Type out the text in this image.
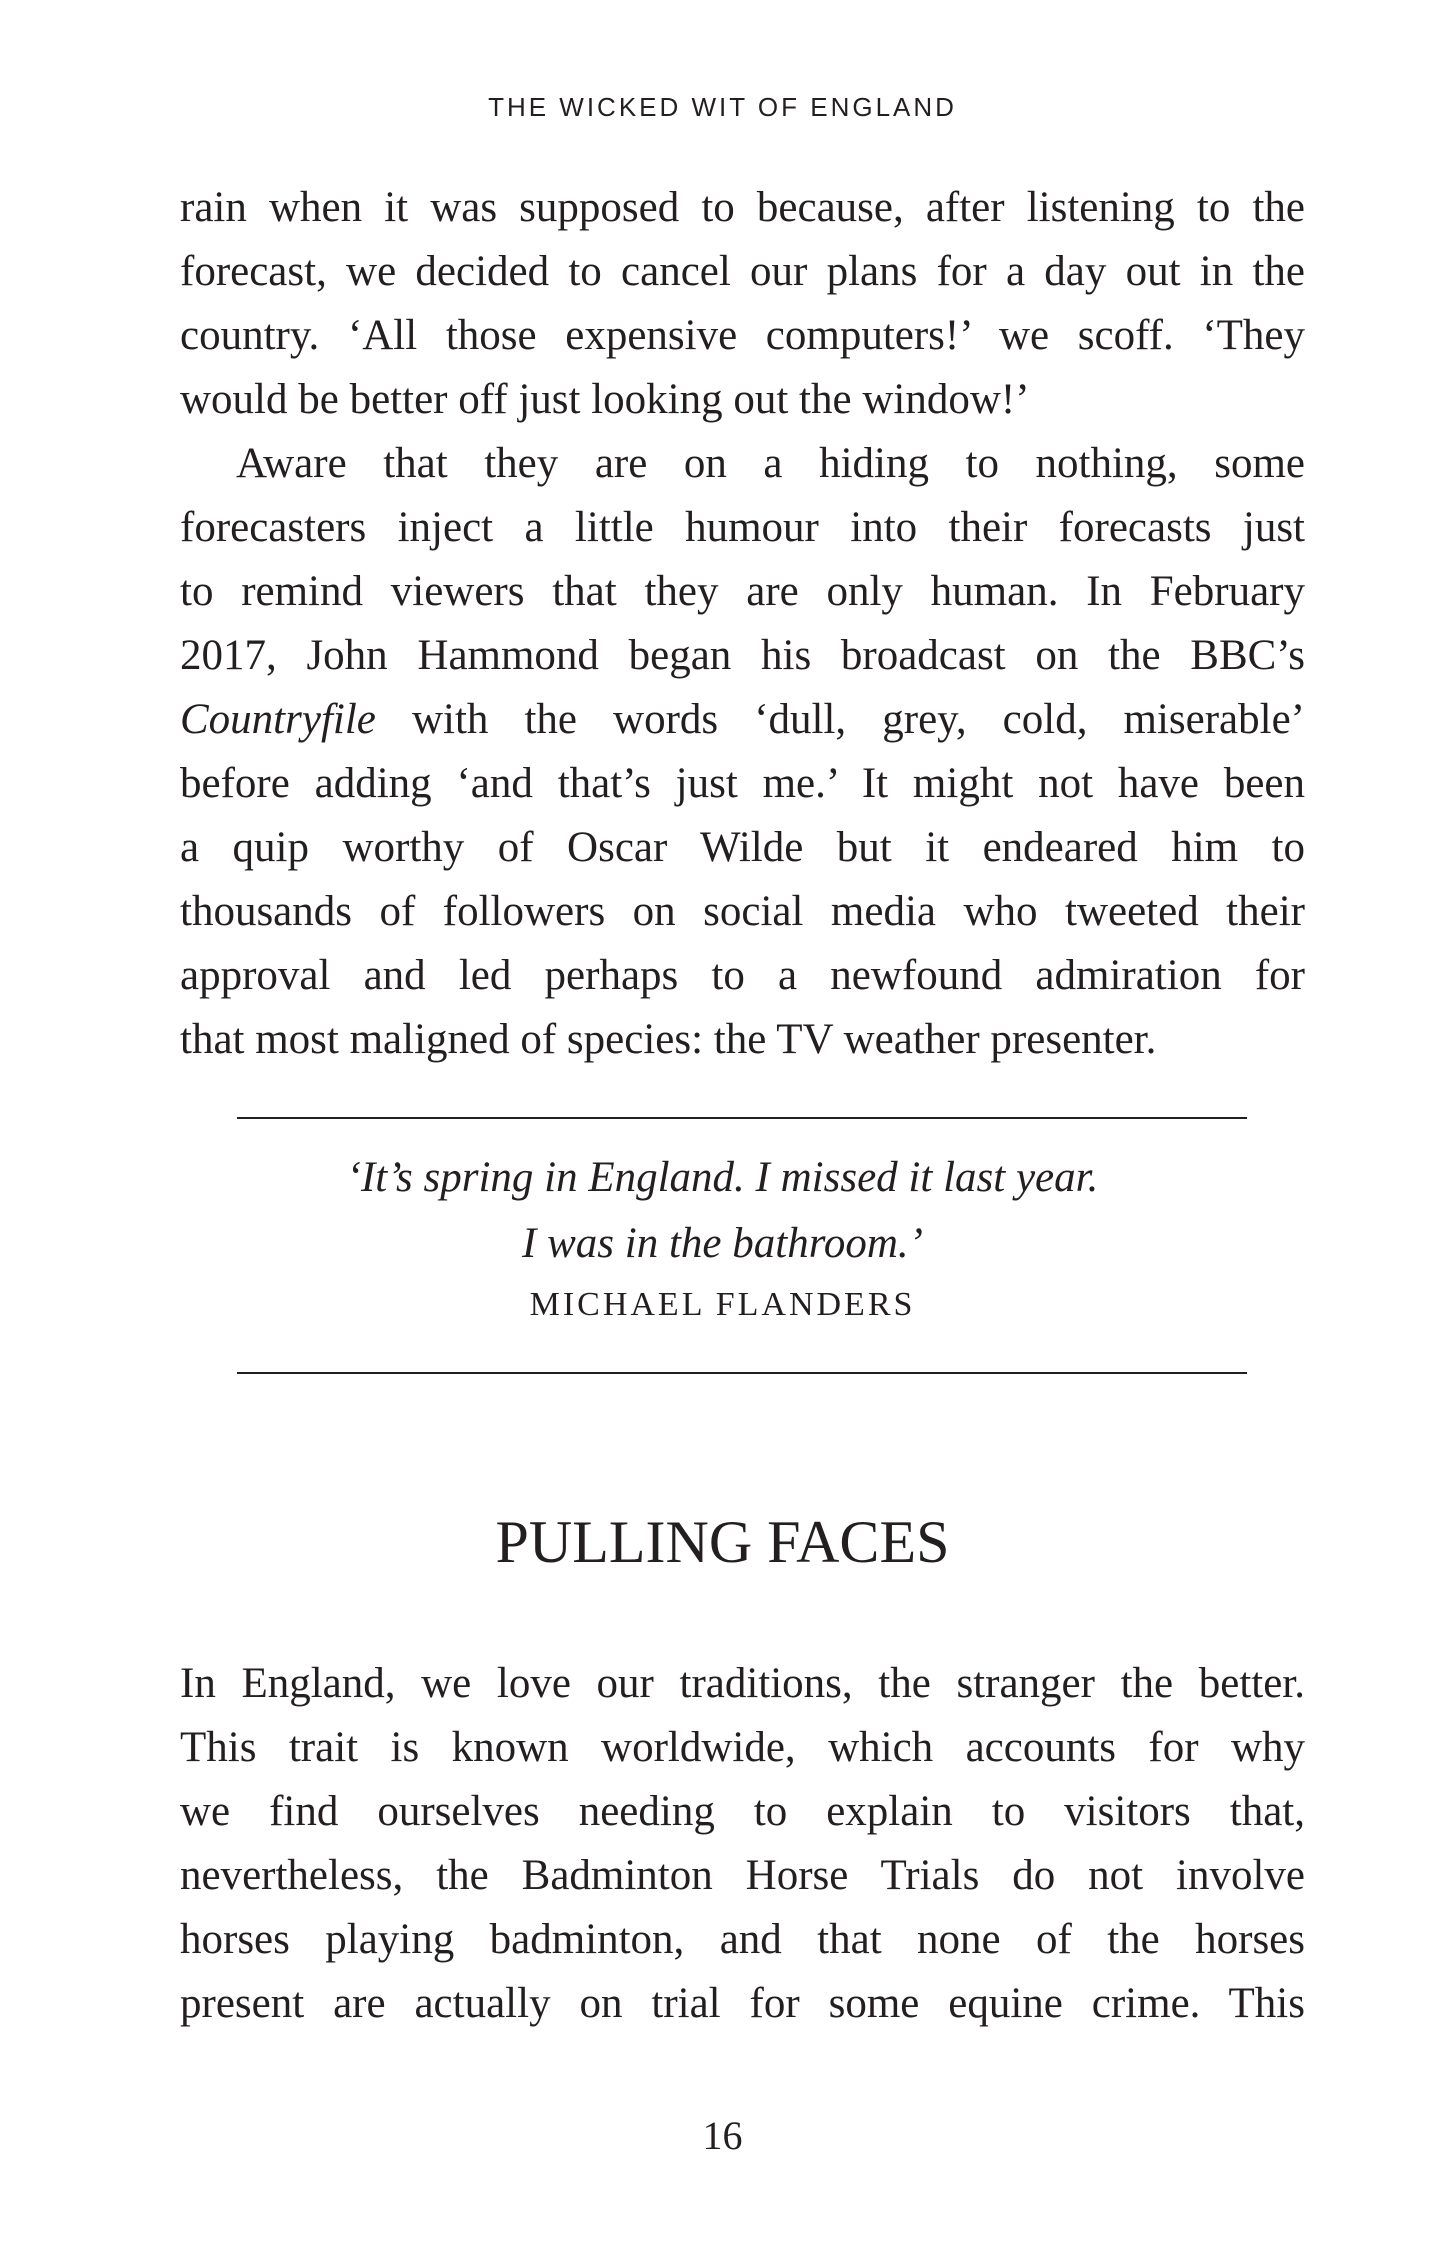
THE WICKED WIT OF ENGLAND

rain when it was supposed to because, after listening to the
forecast, we decided to cancel our plans for a day out in the
country. ‘All those expensive computers!’ we scoff. ‘They
would be better off just looking out the window!’

Aware that they are on a hiding to nothing, some
forecasters inject a little humour into their forecasts just
to remind viewers that they are only human. In February
2017, John Hammond began his broadcast on the BBC’s
Countryfile with the words ‘dull, grey, cold, miserable’
before adding ‘and that’s just me.’ It might not have been
a quip worthy of Oscar Wilde but it endeared him to
thousands of followers on social media who tweeted their
approval and led perhaps to a newfound admiration for
that most maligned of species: the TV weather presenter.

‘It’s spring in England. I missed it last year.
I was in the bathroom.’
MICHAEL FLANDERS
PULLING FACES

In England, we love our traditions, the stranger the better.
This trait is known worldwide, which accounts for why
we find ourselves needing to explain to visitors that,
nevertheless, the Badminton Horse Trials do not involve
horses playing badminton, and that none of the horses
present are actually on trial for some equine crime. This

16
